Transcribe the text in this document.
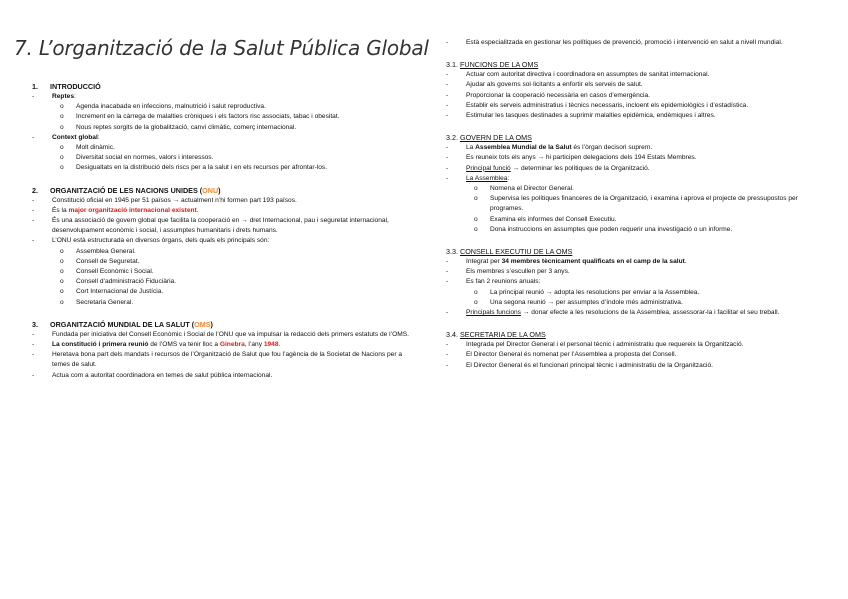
7. L’organització de la Salut Pública Global

1. INTRODUCCIÓ

- Reptes:
o Agenda inacabada en infeccions, malnutrició i salut reproductiva.
o Increment en la càrrega de malalties cròniques i els factors risc associats, tabac i obesitat.
o Nous reptes sorgits de la globalització, canvi climàtic, comerç internacional.
- Context global:
o Molt dinàmic.
o Diversitat social en normes, valors i interessos.
o Desigualtats en la distribució dels riscs per a la salut i en els recursos per afrontar-los.

2. ORGANITZACIÓ DE LES NACIONS UNIDES (ONU)

- Constitució oficial en 1945 per 51 països → actualment n’hi formen part 193 països.
- És la major organització internacional existent.
- És una associació de govern global que facilita la cooperació en → dret Internacional, pau i seguretat internacional, desenvolupament econòmic i social, i assumptes humanitaris i drets humans.
- L’ONU està estructurada en diversos òrgans, dels quals els principals són:
o Assemblea General.
o Consell de Seguretat.
o Consell Econòmic i Social.
o Consell d’administració Fiduciària.
o Cort Internacional de Justícia.
o Secretaria General.

3. ORGANITZACIÓ MUNDIAL DE LA SALUT (OMS)

- Fundada per iniciativa del Consell Econòmic i Social de l’ONU que va impulsar la redacció dels primers estatuts de l’OMS.
- La constitució i primera reunió de l’OMS va tenir lloc a Ginebra, l’any 1948.
- Heretava bona part dels mandats i recursos de l’Organització de Salut que fou l’agència de la Societat de Nacions per a temes de salut.
- Actua com a autoritat coordinadora en temes de salut pública internacional.
- Està especialitzada en gestionar les polítiques de prevenció, promoció i intervenció en salut a nivell mundial.

3.1. FUNCIONS DE LA OMS

- Actuar com autoritat directiva i coordinadora en assumptes de sanitat internacional.
- Ajudar als governs sol·licitants a enfortir els serveis de salut.
- Proporcionar la cooperació necessària en casos d’emergència.
- Establir els serveis administratius i tècnics necessaris, incloent els epidemiològics i d’estadística.
- Estimular les tasques destinades a suprimir malalties epidèmica, endèmiques i altres.

3.2. GOVERN DE LA OMS

- La Assemblea Mundial de la Salut és l’òrgan decisori suprem.
- Es reuneix tots els anys → hi participen delegacions dels 194 Estats Membres.
- Principal funció → determinar les polítiques de la Organització.
- La Assemblea:
o Nomena el Director General.
o Supervisa les polítiques financeres de la Organització, i examina i aprova el projecte de pressupostos per programes.
o Examina els informes del Consell Executiu.
o Dona instruccions en assumptes que poden requerir una investigació o un informe.

3.3. CONSELL EXECUTIU DE LA OMS

- Integrat per 34 membres tècnicament qualificats en el camp de la salut.
- Els membres s’escullen per 3 anys.
- Es fan 2 reunions anuals:
o La principal reunió → adopta les resolucions per enviar a la Assemblea.
o Una segona reunió → per assumptes d’índole més administrativa.
- Principals funcions → donar efecte a les resolucions de la Assemblea, assessorar-la i facilitar el seu treball.

3.4. SECRETARIA DE LA OMS

- Integrada pel Director General i el personal tècnic i administratiu que requereix la Organització.
- El Director General és nomenat per l’Assemblea a proposta del Consell.
- El Director General és el funcionari principal tècnic i administratiu de la Organització.
